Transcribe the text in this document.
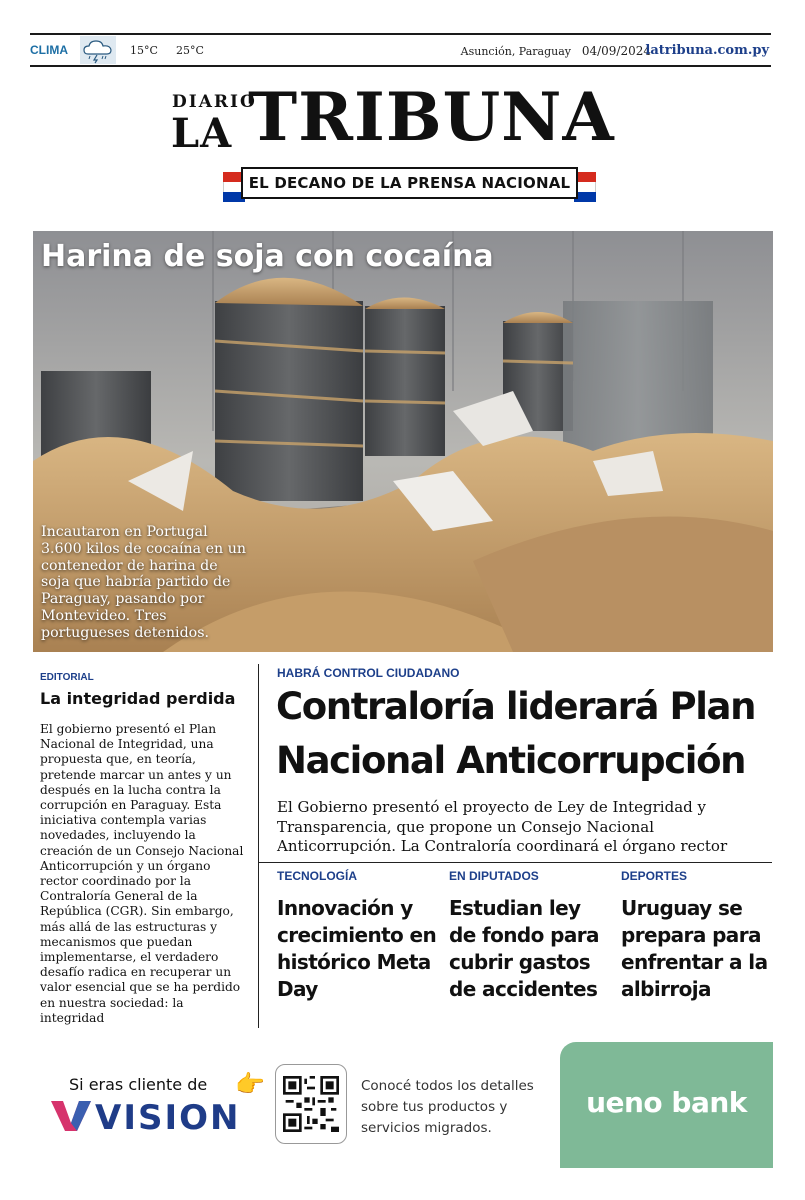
CLIMA	15°C 25°C	Asunción, Paraguay 04/09/2024
latribuna.com.py
DIARIO
LA TRIBUNA
EL DECANO DE LA PRENSA NACIONAL
Harina de soja con cocaína
Incautaron en Portugal 3.600 kilos de cocaína en un contenedor de harina de soja que habría partido de Paraguay, pasando por Montevideo. Tres portugueses detenidos.
EDITORIAL
La integridad perdida
El gobierno presentó el Plan Nacional de Integridad, una propuesta que, en teoría, pretende marcar un antes y un después en la lucha contra la corrupción en Paraguay. Esta iniciativa contempla varias novedades, incluyendo la creación de un Consejo Nacional Anticorrupción y un órgano rector coordinado por la Contraloría General de la República (CGR). Sin embargo, más allá de las estructuras y mecanismos que puedan implementarse, el verdadero desafío radica en recuperar un valor esencial que se ha perdido en nuestra sociedad: la integridad
HABRÁ CONTROL CIUDADANO
Contraloría liderará Plan Nacional Anticorrupción
El Gobierno presentó el proyecto de Ley de Integridad y Transparencia, que propone un Consejo Nacional Anticorrupción. La Contraloría coordinará el órgano rector
TECNOLOGÍA
Innovación y crecimiento en histórico Meta Day
EN DIPUTADOS
Estudian ley de fondo para cubrir gastos de accidentes
DEPORTES
Uruguay se prepara para enfrentar a la albirroja
Si eras cliente de
VISION
👉	Conocé todos los detalles sobre tus productos y servicios migrados.
ueno bank
